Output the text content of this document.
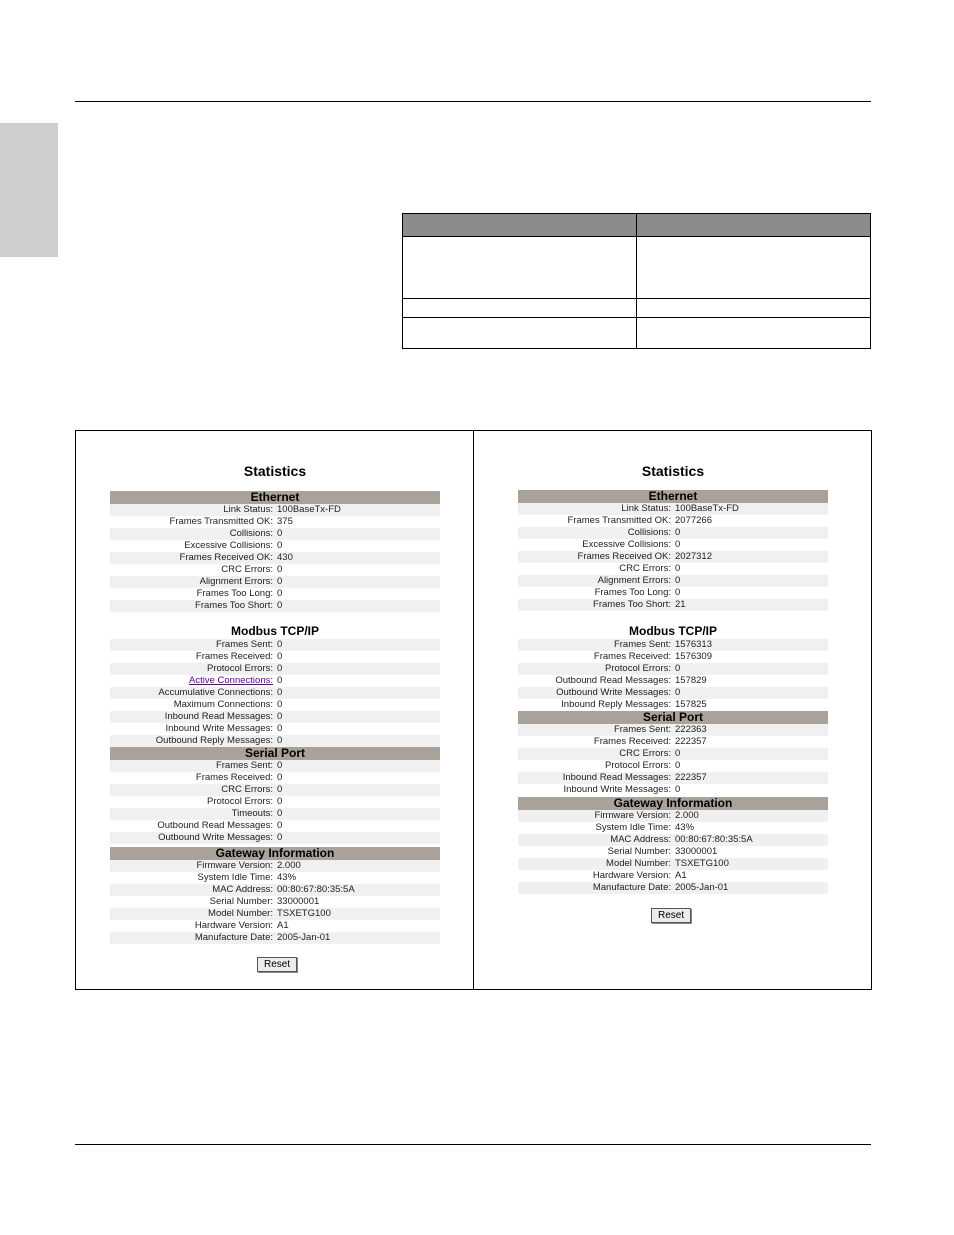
Statistics
Ethernet
Link Status: 100BaseTx-FD
Frames Transmitted OK: 375
Collisions: 0
Excessive Collisions: 0
Frames Received OK: 430
CRC Errors: 0
Alignment Errors: 0
Frames Too Long: 0
Frames Too Short: 0
Modbus TCP/IP
Frames Sent: 0
Frames Received: 0
Protocol Errors: 0
Active Connections: 0
Accumulative Connections: 0
Maximum Connections: 0
Inbound Read Messages: 0
Inbound Write Messages: 0
Outbound Reply Messages: 0
Serial Port
Frames Sent: 0
Frames Received: 0
CRC Errors: 0
Protocol Errors: 0
Timeouts: 0
Outbound Read Messages: 0
Outbound Write Messages: 0
Gateway Information
Firmware Version: 2.000
System Idle Time: 43%
MAC Address: 00:80:67:80:35:5A
Serial Number: 33000001
Model Number: TSXETG100
Hardware Version: A1
Manufacture Date: 2005-Jan-01
Reset
Statistics
Ethernet
Link Status: 100BaseTx-FD
Frames Transmitted OK: 2077266
Collisions: 0
Excessive Collisions: 0
Frames Received OK: 2027312
CRC Errors: 0
Alignment Errors: 0
Frames Too Long: 0
Frames Too Short: 21
Modbus TCP/IP
Frames Sent: 1576313
Frames Received: 1576309
Protocol Errors: 0
Outbound Read Messages: 157829
Outbound Write Messages: 0
Inbound Reply Messages: 157825
Serial Port
Frames Sent: 222363
Frames Received: 222357
CRC Errors: 0
Protocol Errors: 0
Inbound Read Messages: 222357
Inbound Write Messages: 0
Gateway Information
Firmware Version: 2.000
System Idle Time: 43%
MAC Address: 00:80:67:80:35:5A
Serial Number: 33000001
Model Number: TSXETG100
Hardware Version: A1
Manufacture Date: 2005-Jan-01
Reset
